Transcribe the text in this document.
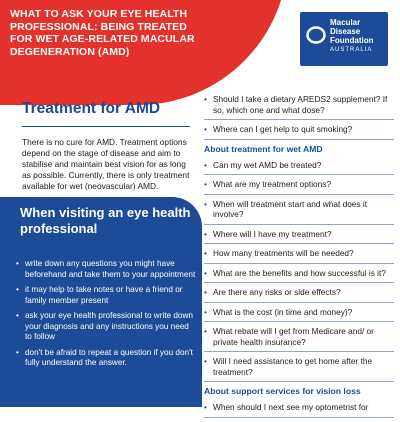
WHAT TO ASK YOUR EYE HEALTH
PROFESSIONAL: BEING TREATED
FOR WET AGE-RELATED MACULAR
DEGENERATION (AMD)
Macular
Disease
Foundation
AUSTRALIA
Treatment for AMD

There is no cure for AMD. Treatment options depend on the stage of disease and aim to stabilise and maintain best vision for as long as possible. Currently, there is only treatment available for wet (neovascular) AMD.

When visiting an eye health professional
• write down any questions you might have beforehand and take them to your appointment
• it may help to take notes or have a friend or family member present
• ask your eye health professional to write down your diagnosis and any instructions you need to follow
• don't be afraid to repeat a question if you don't fully understand the answer.
• Should I take a dietary AREDS2 supplement? If so, which one and what dose?
• Where can I get help to quit smoking?
About treatment for wet AMD
• Can my wet AMD be treated?
• What are my treatment options?
• When will treatment start and what does it involve?
• Where will I have my treatment?
• How many treatments will be needed?
• What are the benefits and how successful is it?
• Are there any risks or side effects?
• What is the cost (in time and money)?
• What rebate will I get from Medicare and/ or private health insurance?
• Will I need assistance to get home after the treatment?
About support services for vision loss
• When should I next see my optometrist for
